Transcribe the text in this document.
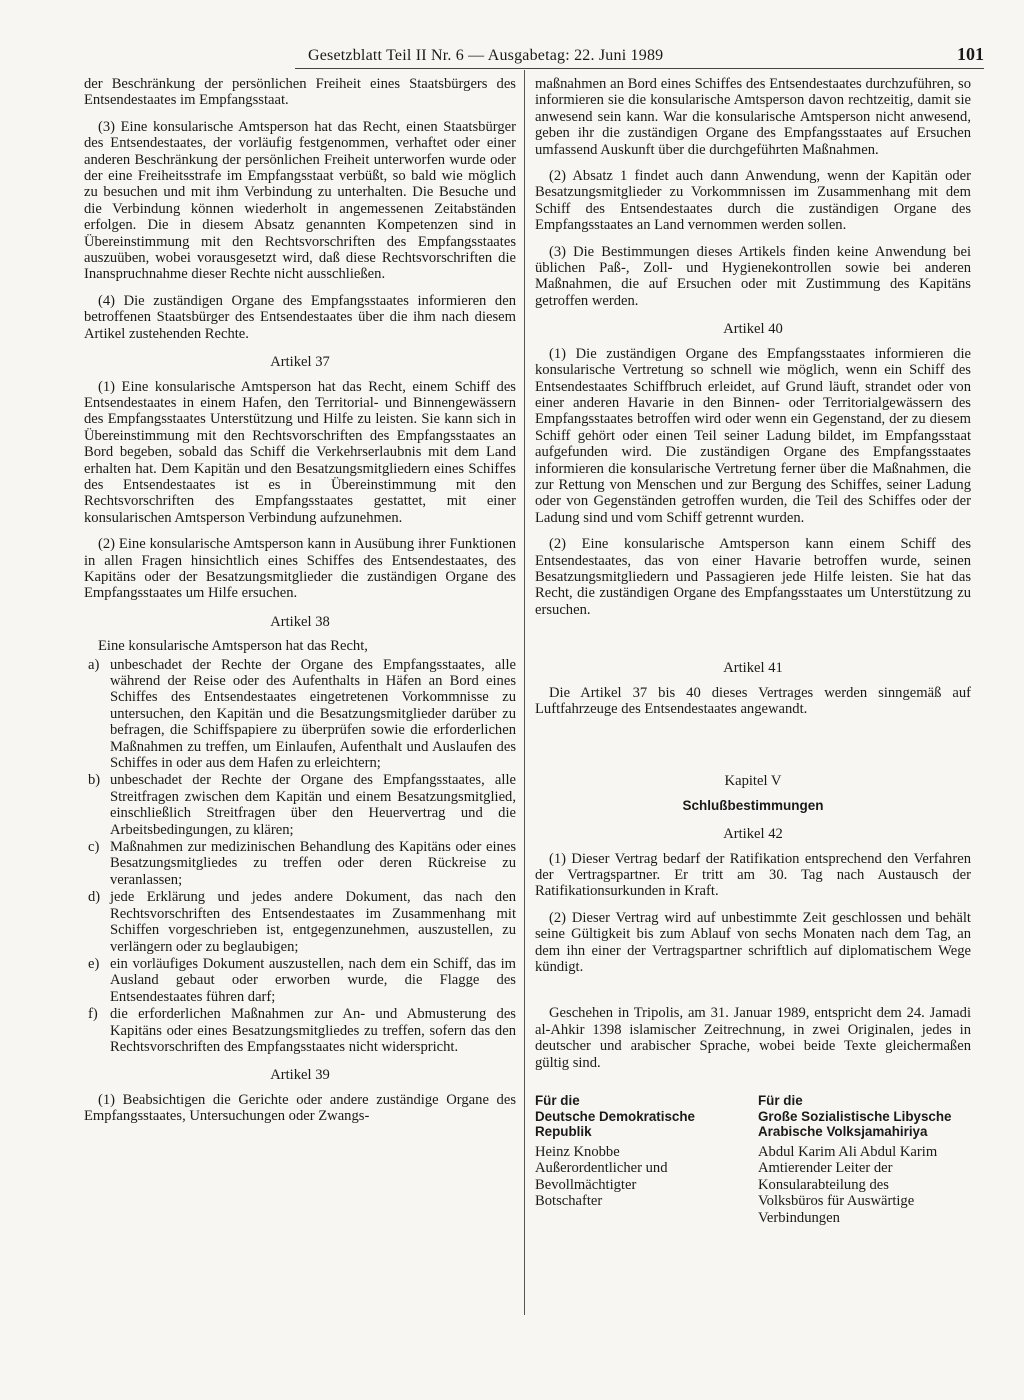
Gesetzblatt Teil II Nr. 6 — Ausgabetag: 22. Juni 1989	101

der Beschränkung der persönlichen Freiheit eines Staatsbürgers des Entsendestaates im Empfangsstaat.

(3) Eine konsularische Amtsperson hat das Recht, einen Staatsbürger des Entsendestaates, der vorläufig festgenommen, verhaftet oder einer anderen Beschränkung der persönlichen Freiheit unterworfen wurde oder der eine Freiheitsstrafe im Empfangsstaat verbüßt, so bald wie möglich zu besuchen und mit ihm Verbindung zu unterhalten. Die Besuche und die Verbindung können wiederholt in angemessenen Zeitabständen erfolgen. Die in diesem Absatz genannten Kompetenzen sind in Übereinstimmung mit den Rechtsvorschriften des Empfangsstaates auszuüben, wobei vorausgesetzt wird, daß diese Rechtsvorschriften die Inanspruchnahme dieser Rechte nicht ausschließen.

(4) Die zuständigen Organe des Empfangsstaates informieren den betroffenen Staatsbürger des Entsendestaates über die ihm nach diesem Artikel zustehenden Rechte.

Artikel 37

(1) Eine konsularische Amtsperson hat das Recht, einem Schiff des Entsendestaates in einem Hafen, den Territorial- und Binnengewässern des Empfangsstaates Unterstützung und Hilfe zu leisten. Sie kann sich in Übereinstimmung mit den Rechtsvorschriften des Empfangsstaates an Bord begeben, sobald das Schiff die Verkehrserlaubnis mit dem Land erhalten hat. Dem Kapitän und den Besatzungsmitgliedern eines Schiffes des Entsendestaates ist es in Übereinstimmung mit den Rechtsvorschriften des Empfangsstaates gestattet, mit einer konsularischen Amtsperson Verbindung aufzunehmen.

(2) Eine konsularische Amtsperson kann in Ausübung ihrer Funktionen in allen Fragen hinsichtlich eines Schiffes des Entsendestaates, des Kapitäns oder der Besatzungsmitglieder die zuständigen Organe des Empfangsstaates um Hilfe ersuchen.

Artikel 38

Eine konsularische Amtsperson hat das Recht,

a) unbeschadet der Rechte der Organe des Empfangsstaates, alle während der Reise oder des Aufenthalts in Häfen an Bord eines Schiffes des Entsendestaates eingetretenen Vorkommnisse zu untersuchen, den Kapitän und die Besatzungsmitglieder darüber zu befragen, die Schiffspapiere zu überprüfen sowie die erforderlichen Maßnahmen zu treffen, um Einlaufen, Aufenthalt und Auslaufen des Schiffes in oder aus dem Hafen zu erleichtern;
b) unbeschadet der Rechte der Organe des Empfangsstaates, alle Streitfragen zwischen dem Kapitän und einem Besatzungsmitglied, einschließlich Streitfragen über den Heuervertrag und die Arbeitsbedingungen, zu klären;
c) Maßnahmen zur medizinischen Behandlung des Kapitäns oder eines Besatzungsmitgliedes zu treffen oder deren Rückreise zu veranlassen;
d) jede Erklärung und jedes andere Dokument, das nach den Rechtsvorschriften des Entsendestaates im Zusammenhang mit Schiffen vorgeschrieben ist, entgegenzunehmen, auszustellen, zu verlängern oder zu beglaubigen;
e) ein vorläufiges Dokument auszustellen, nach dem ein Schiff, das im Ausland gebaut oder erworben wurde, die Flagge des Entsendestaates führen darf;
f) die erforderlichen Maßnahmen zur An- und Abmusterung des Kapitäns oder eines Besatzungsmitgliedes zu treffen, sofern das den Rechtsvorschriften des Empfangsstaates nicht widerspricht.
Artikel 39

(1) Beabsichtigen die Gerichte oder andere zuständige Organe des Empfangsstaates, Untersuchungen oder Zwangs-

maßnahmen an Bord eines Schiffes des Entsendestaates durchzuführen, so informieren sie die konsularische Amtsperson davon rechtzeitig, damit sie anwesend sein kann. War die konsularische Amtsperson nicht anwesend, geben ihr die zuständigen Organe des Empfangsstaates auf Ersuchen umfassend Auskunft über die durchgeführten Maßnahmen.

(2) Absatz 1 findet auch dann Anwendung, wenn der Kapitän oder Besatzungsmitglieder zu Vorkommnissen im Zusammenhang mit dem Schiff des Entsendestaates durch die zuständigen Organe des Empfangsstaates an Land vernommen werden sollen.

(3) Die Bestimmungen dieses Artikels finden keine Anwendung bei üblichen Paß-, Zoll- und Hygienekontrollen sowie bei anderen Maßnahmen, die auf Ersuchen oder mit Zustimmung des Kapitäns getroffen werden.

Artikel 40

(1) Die zuständigen Organe des Empfangsstaates informieren die konsularische Vertretung so schnell wie möglich, wenn ein Schiff des Entsendestaates Schiffbruch erleidet, auf Grund läuft, strandet oder von einer anderen Havarie in den Binnen- oder Territorialgewässern des Empfangsstaates betroffen wird oder wenn ein Gegenstand, der zu diesem Schiff gehört oder einen Teil seiner Ladung bildet, im Empfangsstaat aufgefunden wird. Die zuständigen Organe des Empfangsstaates informieren die konsularische Vertretung ferner über die Maßnahmen, die zur Rettung von Menschen und zur Bergung des Schiffes, seiner Ladung oder von Gegenständen getroffen wurden, die Teil des Schiffes oder der Ladung sind und vom Schiff getrennt wurden.

(2) Eine konsularische Amtsperson kann einem Schiff des Entsendestaates, das von einer Havarie betroffen wurde, seinen Besatzungsmitgliedern und Passagieren jede Hilfe leisten. Sie hat das Recht, die zuständigen Organe des Empfangsstaates um Unterstützung zu ersuchen.

Artikel 41

Die Artikel 37 bis 40 dieses Vertrages werden sinngemäß auf Luftfahrzeuge des Entsendestaates angewandt.

Kapitel V
Schlußbestimmungen
Artikel 42

(1) Dieser Vertrag bedarf der Ratifikation entsprechend den Verfahren der Vertragspartner. Er tritt am 30. Tag nach Austausch der Ratifikationsurkunden in Kraft.

(2) Dieser Vertrag wird auf unbestimmte Zeit geschlossen und behält seine Gültigkeit bis zum Ablauf von sechs Monaten nach dem Tag, an dem ihn einer der Vertragspartner schriftlich auf diplomatischem Wege kündigt.

Geschehen in Tripolis, am 31. Januar 1989, entspricht dem 24. Jamadi al-Ahkir 1398 islamischer Zeitrechnung, in zwei Originalen, jedes in deutscher und arabischer Sprache, wobei beide Texte gleichermaßen gültig sind.

Für die
Deutsche Demokratische
Republik
Heinz Knobbe
Außerordentlicher und
Bevollmächtigter
Botschafter
Für die
Große Sozialistische Libysche
Arabische Volksjamahiriya
Abdul Karim Ali Abdul Karim
Amtierender Leiter der
Konsularabteilung des
Volksbüros für Auswärtige
Verbindungen
